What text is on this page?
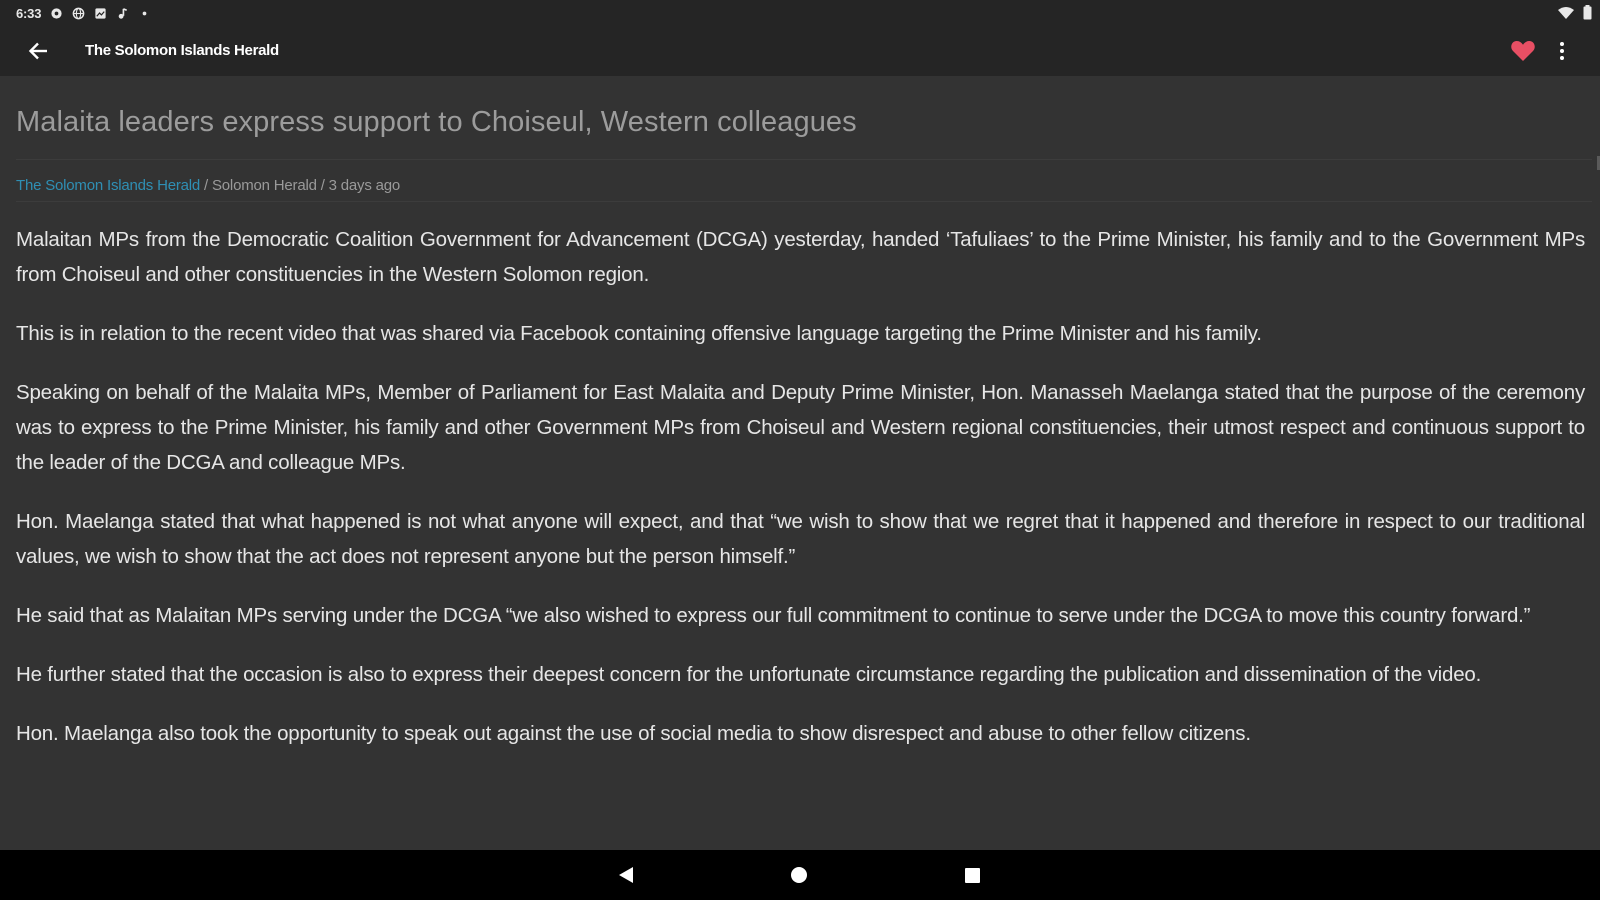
6:33
The Solomon Islands Herald
Malaita leaders express support to Choiseul, Western colleagues
The Solomon Islands Herald / Solomon Herald / 3 days ago

Malaitan MPs from the Democratic Coalition Government for Advancement (DCGA) yesterday, handed ‘Tafuliaes’ to the Prime Minister, his family and to the Government MPs from Choiseul and other constituencies in the Western Solomon region.

This is in relation to the recent video that was shared via Facebook containing offensive language targeting the Prime Minister and his family.

Speaking on behalf of the Malaita MPs, Member of Parliament for East Malaita and Deputy Prime Minister, Hon. Manasseh Maelanga stated that the purpose of the ceremony was to express to the Prime Minister, his family and other Government MPs from Choiseul and Western regional constituencies, their utmost respect and continuous support to the leader of the DCGA and colleague MPs.

Hon. Maelanga stated that what happened is not what anyone will expect, and that “we wish to show that we regret that it happened and therefore in respect to our traditional values, we wish to show that the act does not represent anyone but the person himself.”

He said that as Malaitan MPs serving under the DCGA “we also wished to express our full commitment to continue to serve under the DCGA to move this country forward.”

He further stated that the occasion is also to express their deepest concern for the unfortunate circumstance regarding the publication and dissemination of the video.

Hon. Maelanga also took the opportunity to speak out against the use of social media to show disrespect and abuse to other fellow citizens.
